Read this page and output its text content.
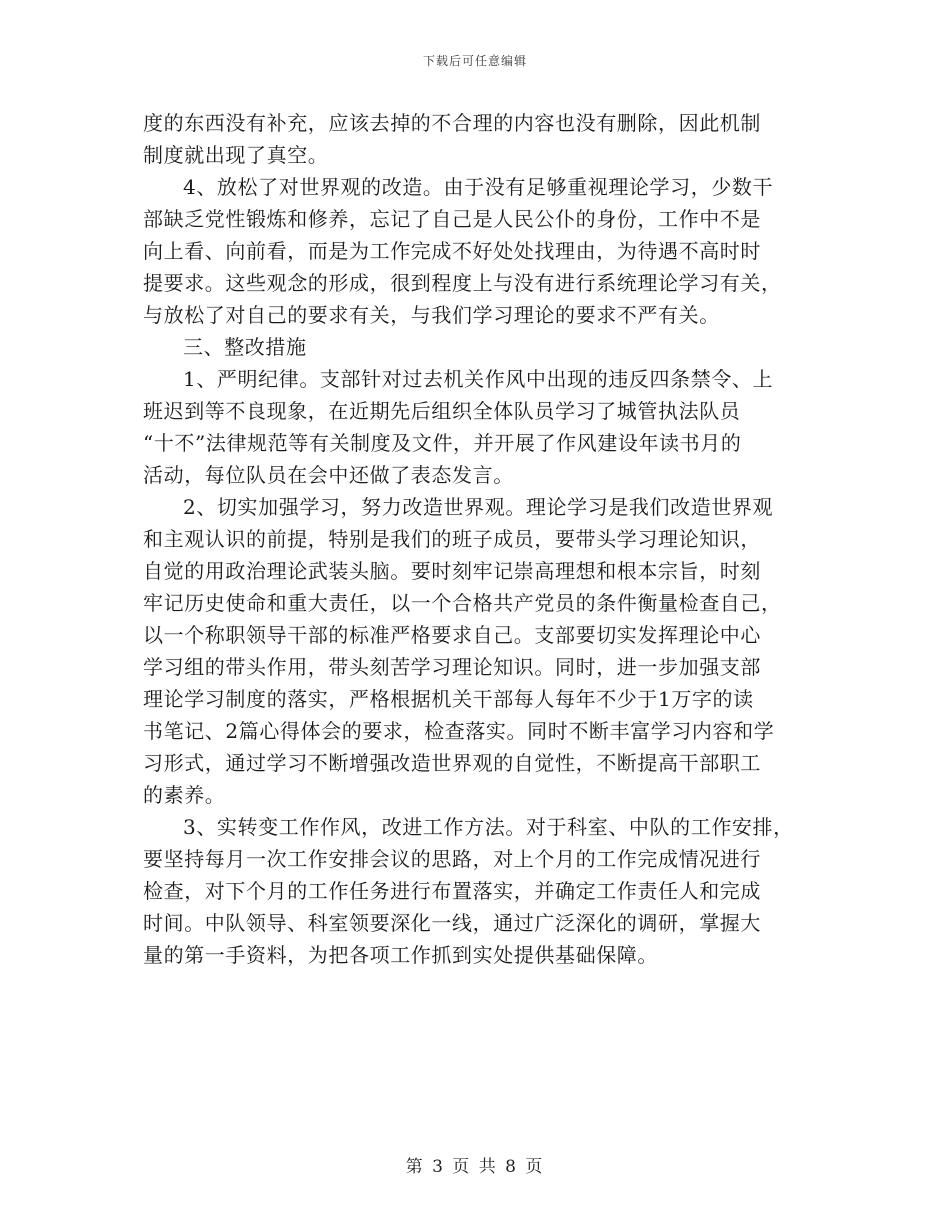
下载后可任意编辑
度的东西没有补充，应该去掉的不合理的内容也没有删除，因此机制
制度就出现了真空。
4、放松了对世界观的改造。由于没有足够重视理论学习，少数干
部缺乏党性锻炼和修养，忘记了自己是人民公仆的身份，工作中不是
向上看、向前看，而是为工作完成不好处处找理由，为待遇不高时时
提要求。这些观念的形成，很到程度上与没有进行系统理论学习有关，
与放松了对自己的要求有关，与我们学习理论的要求不严有关。
三、整改措施
1、严明纪律。支部针对过去机关作风中出现的违反四条禁令、上
班迟到等不良现象，在近期先后组织全体队员学习了城管执法队员
“十不”法律规范等有关制度及文件，并开展了作风建设年读书月的
活动，每位队员在会中还做了表态发言。
2、切实加强学习，努力改造世界观。理论学习是我们改造世界观
和主观认识的前提，特别是我们的班子成员，要带头学习理论知识，
自觉的用政治理论武装头脑。要时刻牢记崇高理想和根本宗旨，时刻
牢记历史使命和重大责任，以一个合格共产党员的条件衡量检查自己，
以一个称职领导干部的标准严格要求自己。支部要切实发挥理论中心
学习组的带头作用，带头刻苦学习理论知识。同时，进一步加强支部
理论学习制度的落实，严格根据机关干部每人每年不少于1万字的读
书笔记、2篇心得体会的要求，检查落实。同时不断丰富学习内容和学
习形式，通过学习不断增强改造世界观的自觉性，不断提高干部职工
的素养。
3、实转变工作作风，改进工作方法。对于科室、中队的工作安排，
要坚持每月一次工作安排会议的思路，对上个月的工作完成情况进行
检查，对下个月的工作任务进行布置落实，并确定工作责任人和完成
时间。中队领导、科室领要深化一线，通过广泛深化的调研，掌握大
量的第一手资料，为把各项工作抓到实处提供基础保障。
第 3 页 共 8 页
